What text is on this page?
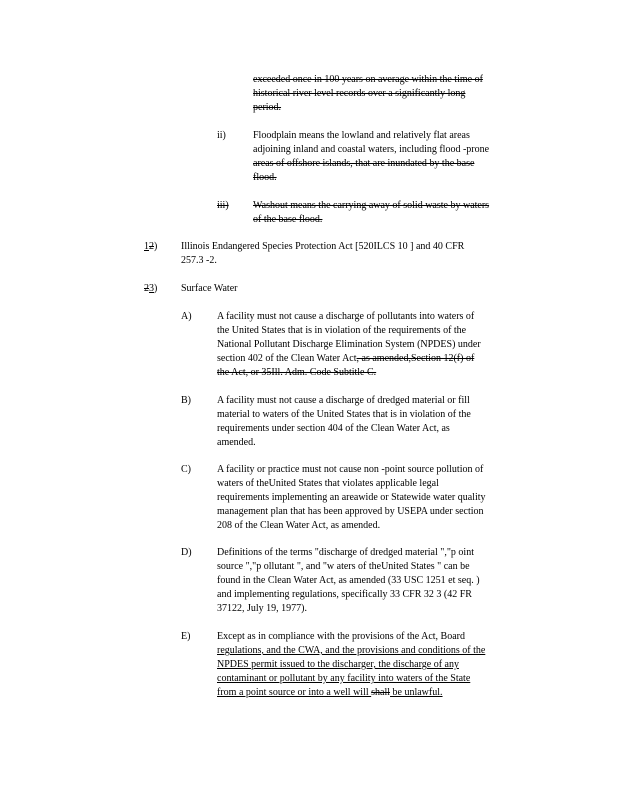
exceeded once in 100 years on average within the time of
historical river level records over a significantly long
period.
ii)	Floodplain means the lowland and relatively flat areas
adjoining inland and coastal waters, including flood -prone
areas of offshore islands, that are inundated by the base
flood.
iii) Washout means the carrying away of solid waste by waters
of the base flood.
12) Illinois Endangered Species Protection Act [520ILCS 10 ] and 40 CFR
257.3 -2.
23) Surface Water
A)	A facility must not cause a discharge of pollutants into waters of
the United States that is in violation of the requirements of the
National Pollutant Discharge Elimination System (NPDES) under
section 402 of the Clean Water Act, as amended,Section 12(f) of
the Act, or 35Ill. Adm. Code Subtitle C.
B)	A facility must not cause a discharge of dredged material or fill
material to waters of the United States that is in violation of the
requirements under section 404 of the Clean Water Act, as
amended.
C)	A facility or practice must not cause non -point source pollution of
waters of theUnited States that violates applicable legal
requirements implementing an areawide or Statewide water quality
management plan that has been approved by USEPA under section
208 of the Clean Water Act, as amended.
D)	Definitions of the terms "discharge of dredged material ","p oint
source ","p ollutant ", and "w aters of theUnited States " can be
found in the Clean Water Act, as amended (33 USC 1251 et seq. )
and implementing regulations, specifically 33 CFR 32 3 (42 FR
37122, July 19, 1977).
E)	Except as in compliance with the provisions of the Act, Board
regulations, and the CWA, and the provisions and conditions of the
NPDES permit issued to the discharger, the discharge of any
contaminant or pollutant by any facility into waters of the State
from a point source or into a well will shall be unlawful.
